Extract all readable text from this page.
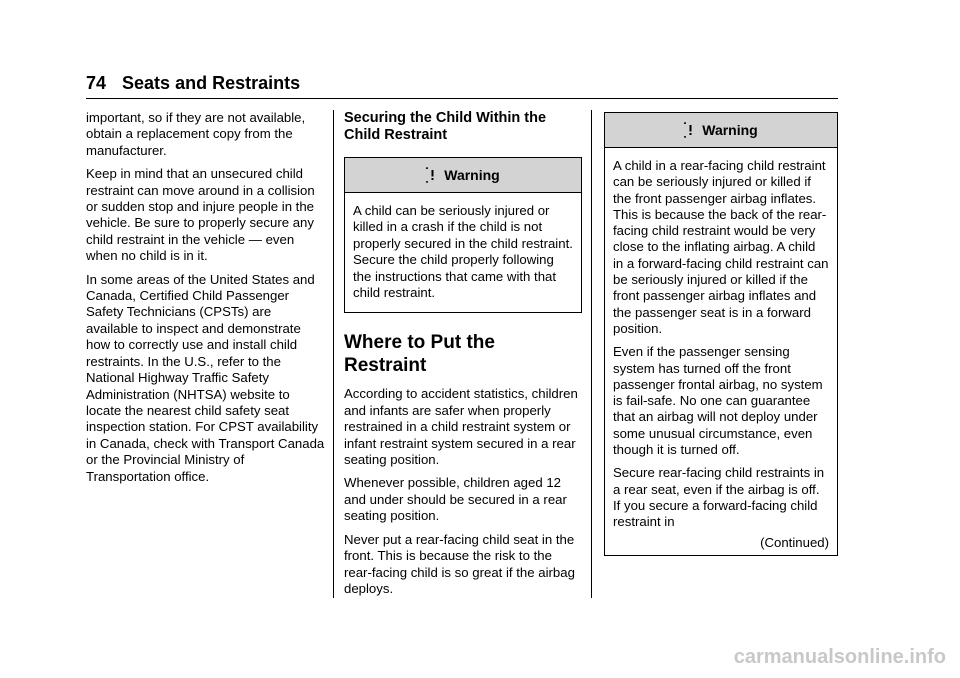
74 Seats and Restraints

important, so if they are not available, obtain a replacement copy from the manufacturer.

Keep in mind that an unsecured child restraint can move around in a collision or sudden stop and injure people in the vehicle. Be sure to properly secure any child restraint in the vehicle — even when no child is in it.

In some areas of the United States and Canada, Certified Child Passenger Safety Technicians (CPSTs) are available to inspect and demonstrate how to correctly use and install child restraints. In the U.S., refer to the National Highway Traffic Safety Administration (NHTSA) website to locate the nearest child safety seat inspection station. For CPST availability in Canada, check with Transport Canada or the Provincial Ministry of Transportation office.

Securing the Child Within the Child Restraint
Warning

A child can be seriously injured or killed in a crash if the child is not properly secured in the child restraint. Secure the child properly following the instructions that came with that child restraint.

Where to Put the Restraint

According to accident statistics, children and infants are safer when properly restrained in a child restraint system or infant restraint system secured in a rear seating position.

Whenever possible, children aged 12 and under should be secured in a rear seating position.

Never put a rear-facing child seat in the front. This is because the risk to the rear-facing child is so great if the airbag deploys.

Warning

A child in a rear-facing child restraint can be seriously injured or killed if the front passenger airbag inflates. This is because the back of the rear-facing child restraint would be very close to the inflating airbag. A child in a forward-facing child restraint can be seriously injured or killed if the front passenger airbag inflates and the passenger seat is in a forward position.

Even if the passenger sensing system has turned off the front passenger frontal airbag, no system is fail-safe. No one can guarantee that an airbag will not deploy under some unusual circumstance, even though it is turned off.

Secure rear-facing child restraints in a rear seat, even if the airbag is off. If you secure a forward-facing child restraint in

(Continued)
carmanualsonline.info
